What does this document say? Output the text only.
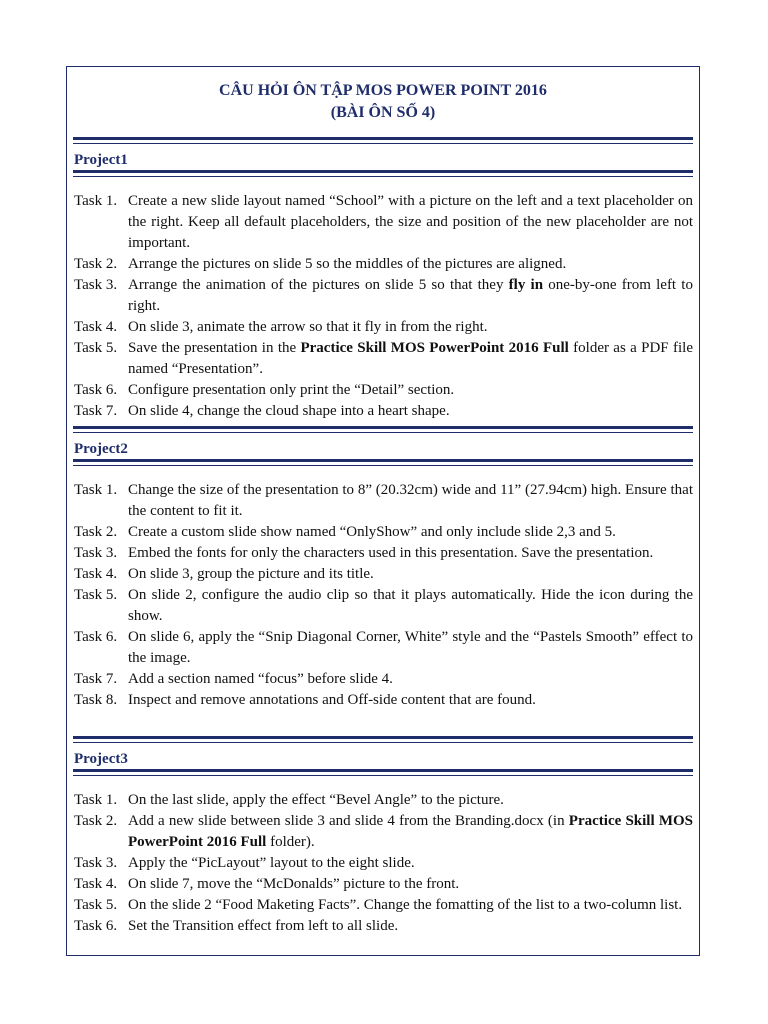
CÂU HỎI ÔN TẬP MOS POWER POINT 2016
(BÀI ÔN SỐ 4)
Project1
Task 1. Create a new slide layout named “School” with a picture on the left and a text placeholder on the right. Keep all default placeholders, the size and position of the new placeholder are not important.
Task 2. Arrange the pictures on slide 5 so the middles of the pictures are aligned.
Task 3. Arrange the animation of the pictures on slide 5 so that they fly in one-by-one from left to right.
Task 4. On slide 3, animate the arrow so that it fly in from the right.
Task 5. Save the presentation in the Practice Skill MOS PowerPoint 2016 Full folder as a PDF file named “Presentation”.
Task 6. Configure presentation only print the “Detail” section.
Task 7. On slide 4, change the cloud shape into a heart shape.
Project2
Task 1. Change the size of the presentation to 8” (20.32cm) wide and 11” (27.94cm) high. Ensure that the content to fit it.
Task 2. Create a custom slide show named “OnlyShow” and only include slide 2,3 and 5.
Task 3. Embed the fonts for only the characters used in this presentation. Save the presentation.
Task 4. On slide 3, group the picture and its title.
Task 5. On slide 2, configure the audio clip so that it plays automatically. Hide the icon during the show.
Task 6. On slide 6, apply the “Snip Diagonal Corner, White” style and the “Pastels Smooth” effect to the image.
Task 7. Add a section named “focus” before slide 4.
Task 8. Inspect and remove annotations and Off-side content that are found.
Project3
Task 1. On the last slide, apply the effect “Bevel Angle” to the picture.
Task 2. Add a new slide between slide 3 and slide 4 from the Branding.docx (in Practice Skill MOS PowerPoint 2016 Full folder).
Task 3. Apply the “PicLayout” layout to the eight slide.
Task 4. On slide 7, move the “McDonalds” picture to the front.
Task 5. On the slide 2 “Food Maketing Facts”. Change the fomatting of the list to a two-column list.
Task 6. Set the Transition effect from left to all slide.
